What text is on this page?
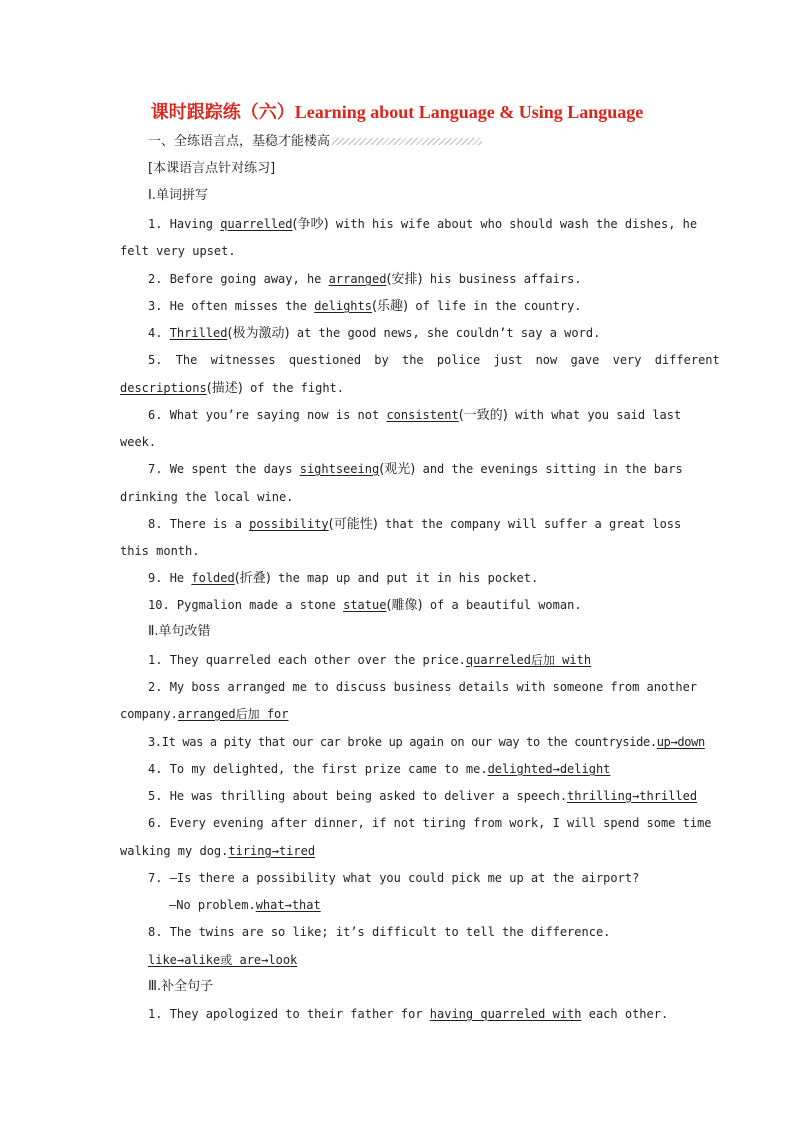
课时跟踪练（六）Learning about Language & Using Language
一、全练语言点，基稳才能楼高
[本课语言点针对练习]
Ⅰ.单词拼写
1. Having quarrelled(争吵) with his wife about who should wash the dishes, he
felt very upset.
2. Before going away, he arranged(安排) his business affairs.
3. He often misses the delights(乐趣) of life in the country.
4. Thrilled(极为激动) at the good news, she couldn’t say a word.
5. The witnesses questioned by the police just now gave very different
descriptions(描述) of the fight.
6. What you’re saying now is not consistent(一致的) with what you said last
week.
7. We spent the days sightseeing(观光) and the evenings sitting in the bars
drinking the local wine.
8. There is a possibility(可能性) that the company will suffer a great loss
this month.
9. He folded(折叠) the map up and put it in his pocket.
10. Pygmalion made a stone statue(雕像) of a beautiful woman.
Ⅱ.单句改错
1. They quarreled each other over the price.quarreled后加 with
2. My boss arranged me to discuss business details with someone from another
company.arranged后加 for
3.It was a pity that our car broke up again on our way to the countryside.up→down
4. To my delighted, the first prize came to me.delighted→delight
5. He was thrilling about being asked to deliver a speech.thrilling→thrilled
6. Every evening after dinner, if not tiring from work, I will spend some time
walking my dog.tiring→tired
7. —Is there a possibility what you could pick me up at the airport?
—No problem.what→that
8. The twins are so like; it’s difficult to tell the difference.
like→alike或 are→look
Ⅲ.补全句子
1. They apologized to their father for having quarreled with each other.
